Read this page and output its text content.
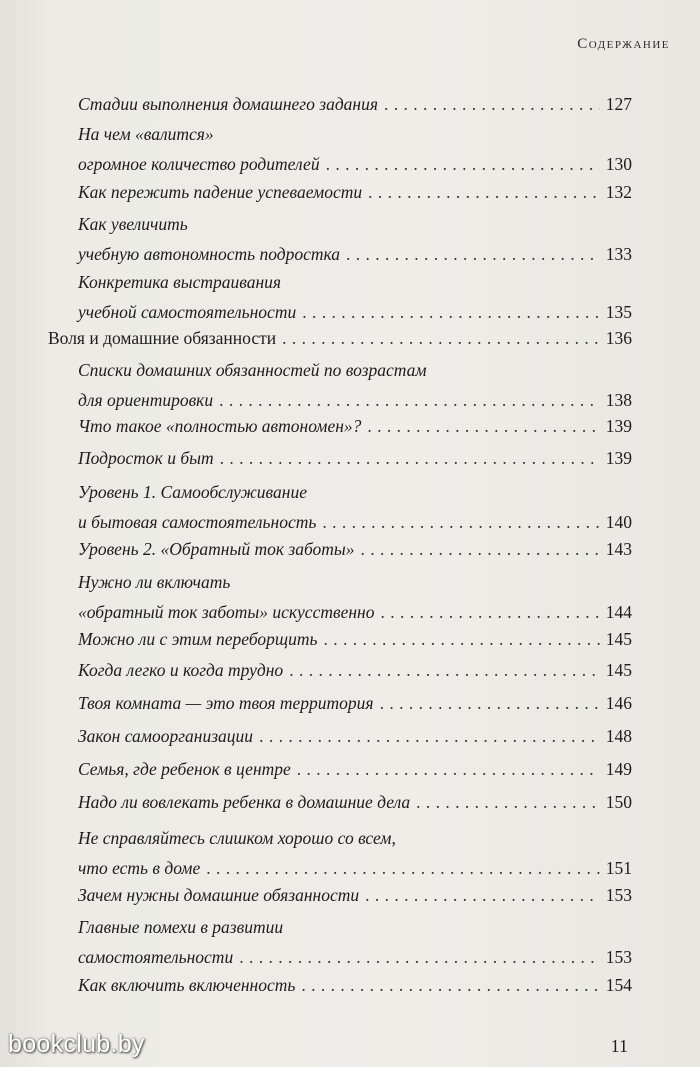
Содержание
Стадии выполнения домашнего задания . . .	127
На чем «валится»
огромное количество родителей . . .	130
Как пережить падение успеваемости . . .	132
Как увеличить
учебную автономность подростка . . .	133
Конкретика выстраивания
учебной самостоятельности . . .	135
Воля и домашние обязанности . . .	136
Списки домашних обязанностей по возрастам
для ориентировки . . .	138
Что такое «полностью автономен»? . . .	139
Подросток и быт . . .	139
Уровень 1. Самообслуживание
и бытовая самостоятельность . . .	140
Уровень 2. «Обратный ток заботы» . . .	143
Нужно ли включать
«обратный ток заботы» искусственно . . .	144
Можно ли с этим переборщить . . .	145
Когда легко и когда трудно . . .	145
Твоя комната — это твоя территория . . .	146
Закон самоорганизации . . .	148
Семья, где ребенок в центре . . .	149
Надо ли вовлекать ребенка в домашние дела . . .	150
Не справляйтесь слишком хорошо со всем,
что есть в доме . . .	151
Зачем нужны домашние обязанности . . .	153
Главные помехи в развитии
самостоятельности . . .	153
Как включить включенность . . .	154
bookclub.by	11
